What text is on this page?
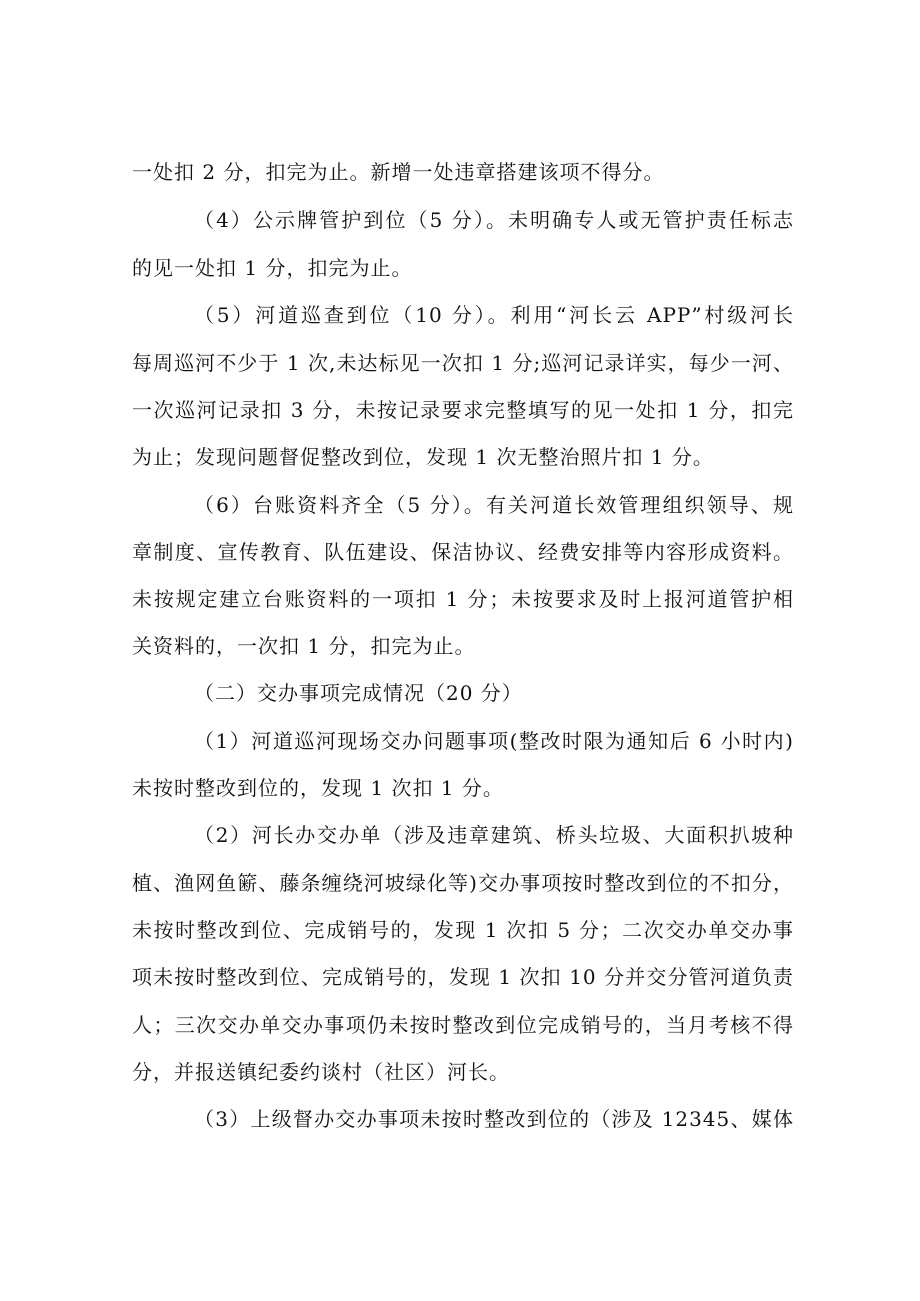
一处扣 2 分，扣完为止。新增一处违章搭建该项不得分。
（4）公示牌管护到位（5 分）。未明确专人或无管护责任标志
的见一处扣 1 分，扣完为止。
（5）河道巡查到位（10 分）。利用“河长云 APP”村级河长
每周巡河不少于 1 次,未达标见一次扣 1 分;巡河记录详实，每少一河、
一次巡河记录扣 3 分，未按记录要求完整填写的见一处扣 1 分，扣完
为止；发现问题督促整改到位，发现 1 次无整治照片扣 1 分。
（6）台账资料齐全（5 分）。有关河道长效管理组织领导、规
章制度、宣传教育、队伍建设、保洁协议、经费安排等内容形成资料。
未按规定建立台账资料的一项扣 1 分；未按要求及时上报河道管护相
关资料的，一次扣 1 分，扣完为止。
（二）交办事项完成情况（20 分）
（1）河道巡河现场交办问题事项(整改时限为通知后 6 小时内)
未按时整改到位的，发现 1 次扣 1 分。
（2）河长办交办单（涉及违章建筑、桥头垃圾、大面积扒坡种
植、渔网鱼簖、藤条缠绕河坡绿化等)交办事项按时整改到位的不扣分，
未按时整改到位、完成销号的，发现 1 次扣 5 分；二次交办单交办事
项未按时整改到位、完成销号的，发现 1 次扣 10 分并交分管河道负责
人；三次交办单交办事项仍未按时整改到位完成销号的，当月考核不得
分，并报送镇纪委约谈村（社区）河长。
（3）上级督办交办事项未按时整改到位的（涉及 12345、媒体
